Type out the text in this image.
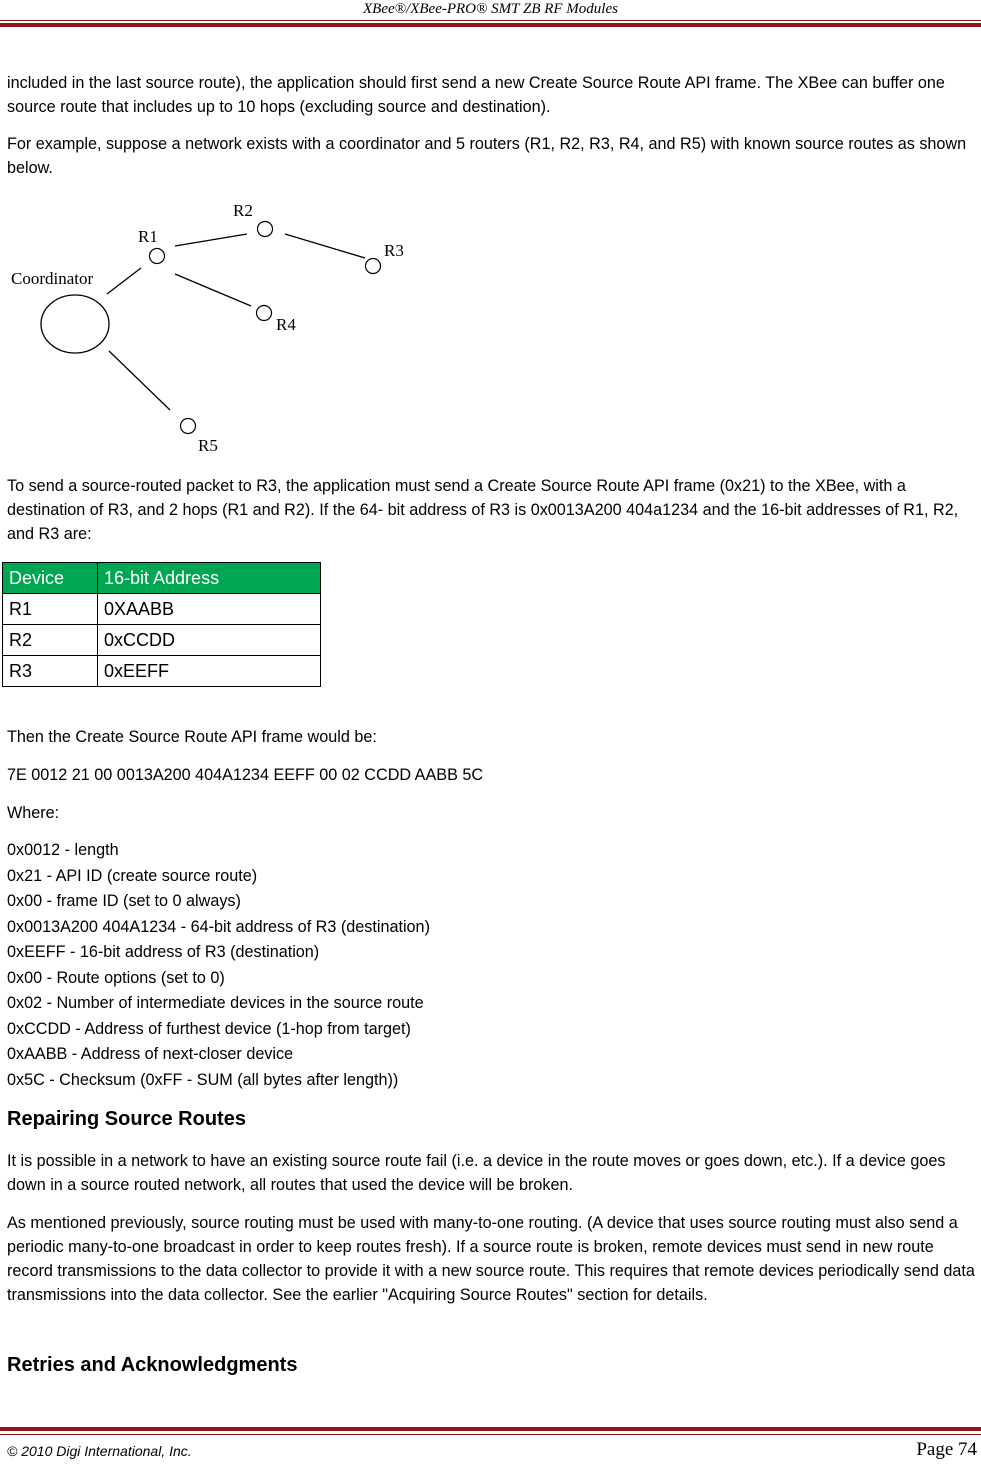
XBee®/XBee-PRO® SMT ZB RF Modules

included in the last source route), the application should first send a new Create Source Route API frame. The XBee can buffer one source route that includes up to 10 hops (excluding source and destination).

For example, suppose a network exists with a coordinator and 5 routers (R1, R2, R3, R4, and R5) with known source routes as shown below.

Coordinator
R1
R2
R3
R4
R5

To send a source-routed packet to R3, the application must send a Create Source Route API frame (0x21) to the XBee, with a destination of R3, and 2 hops (R1 and R2). If the 64- bit address of R3 is 0x0013A200 404a1234 and the 16-bit addresses of R1, R2, and R3 are:

Device	16-bit Address
R1	0XAABB
R2	0xCCDD
R3	0xEEFF
Then the Create Source Route API frame would be:
7E 0012 21 00 0013A200 404A1234 EEFF 00 02 CCDD AABB 5C
Where:
0x0012 - length
0x21 - API ID (create source route)
0x00 - frame ID (set to 0 always)
0x0013A200 404A1234 - 64-bit address of R3 (destination)
0xEEFF - 16-bit address of R3 (destination)
0x00 - Route options (set to 0)
0x02 - Number of intermediate devices in the source route
0xCCDD - Address of furthest device (1-hop from target)
0xAABB - Address of next-closer device
0x5C - Checksum (0xFF - SUM (all bytes after length))
Repairing Source Routes

It is possible in a network to have an existing source route fail (i.e. a device in the route moves or goes down, etc.). If a device goes down in a source routed network, all routes that used the device will be broken.

As mentioned previously, source routing must be used with many-to-one routing. (A device that uses source routing must also send a periodic many-to-one broadcast in order to keep routes fresh). If a source route is broken, remote devices must send in new route record transmissions to the data collector to provide it with a new source route. This requires that remote devices periodically send data transmissions into the data collector. See the earlier "Acquiring Source Routes" section for details.

Retries and Acknowledgments
© 2010 Digi International, Inc.	Page 74
